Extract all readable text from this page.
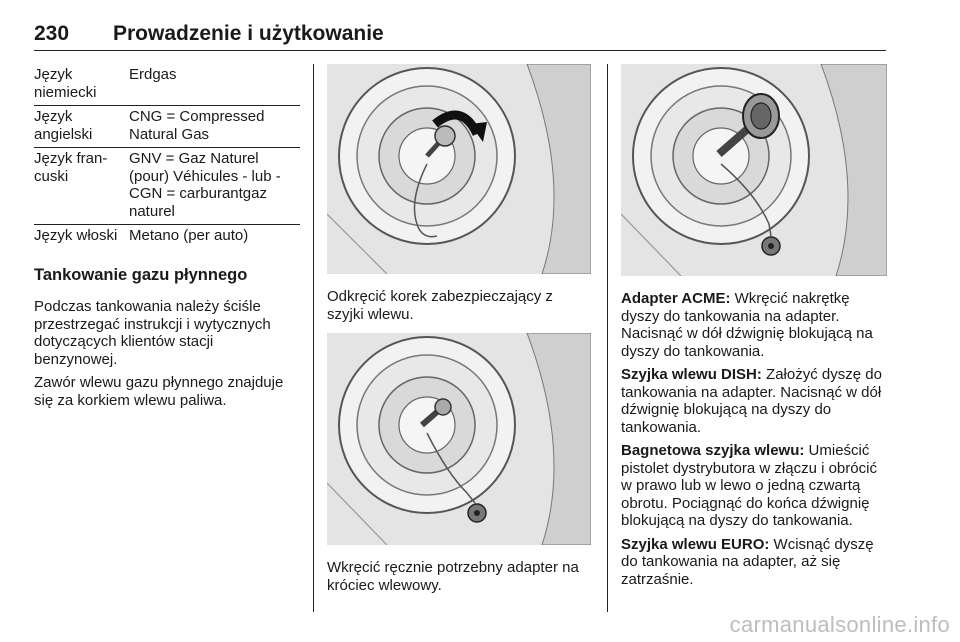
230 Prowadzenie i użytkowanie
Język niemiecki
Erdgas
Język angielski
CNG = Compressed Natural Gas
Język fran-cuski
GNV = Gaz Naturel (pour) Véhicules - lub - CGN = carburantgaz naturel
Język włoski Metano (per auto)
Tankowanie gazu płynnego

Podczas tankowania należy ściśle przestrzegać instrukcji i wytycznych dotyczących klientów stacji benzynowej.

Zawór wlewu gazu płynnego znajduje się za korkiem wlewu paliwa.

Odkręcić korek zabezpieczający z szyjki wlewu.

Wkręcić ręcznie potrzebny adapter na króciec wlewowy.

Adapter ACME: Wkręcić nakrętkę dyszy do tankowania na adapter. Nacisnąć w dół dźwignię blokującą na dyszy do tankowania.

Szyjka wlewu DISH: Założyć dyszę do tankowania na adapter. Nacisnąć w dół dźwignię blokującą na dyszy do tankowania.

Bagnetowa szyjka wlewu: Umieścić pistolet dystrybutora w złączu i obrócić w prawo lub w lewo o jedną czwartą obrotu. Pociągnąć do końca dźwignię blokującą na dyszy do tankowania.

Szyjka wlewu EURO: Wcisnąć dyszę do tankowania na adapter, aż się zatrzaśnie.

carmanualsonline.info
